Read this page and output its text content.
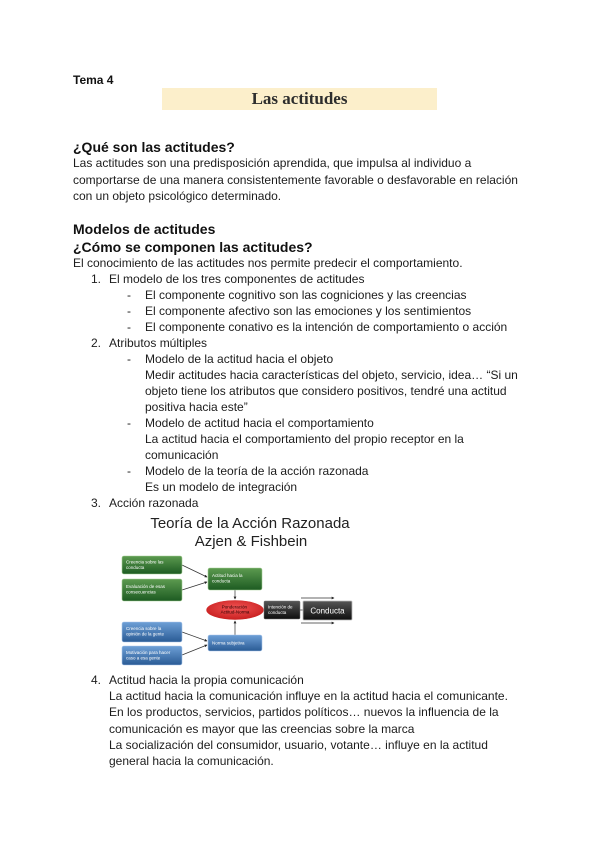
Tema 4
Las actitudes
¿Qué son las actitudes?
Las actitudes son una predisposición aprendida, que impulsa al individuo a
comportarse de una manera consistentemente favorable o desfavorable en relación
con un objeto psicológico determinado.
Modelos de actitudes
¿Cómo se componen las actitudes?
El conocimiento de las actitudes nos permite predecir el comportamiento.
1. El modelo de los tres componentes de actitudes
- El componente cognitivo son las cogniciones y las creencias
- El componente afectivo son las emociones y los sentimientos
- El componente conativo es la intención de comportamiento o acción
2. Atributos múltiples
- Modelo de la actitud hacia el objeto
Medir actitudes hacia características del objeto, servicio, idea… “Si un
objeto tiene los atributos que considero positivos, tendré una actitud
positiva hacia este”
- Modelo de actitud hacia el comportamiento
La actitud hacia el comportamiento del propio receptor en la
comunicación
- Modelo de la teoría de la acción razonada
Es un modelo de integración
3. Acción razonada
Teoría de la Acción Razonada
Azjen & Fishbein
Creencia sobre las conducta
Evaluación de esas consecuencias
Actitud hacia la conducta
Ponderación Actitud-Norma
Intención de conducta	Conducta
Creencia sobre la opinión de la gente
Motivación para hacer caso a esa gente
Norma subjetiva
4. Actitud hacia la propia comunicación
La actitud hacia la comunicación influye en la actitud hacia el comunicante.
En los productos, servicios, partidos políticos… nuevos la influencia de la
comunicación es mayor que las creencias sobre la marca
La socialización del consumidor, usuario, votante… influye en la actitud
general hacia la comunicación.
